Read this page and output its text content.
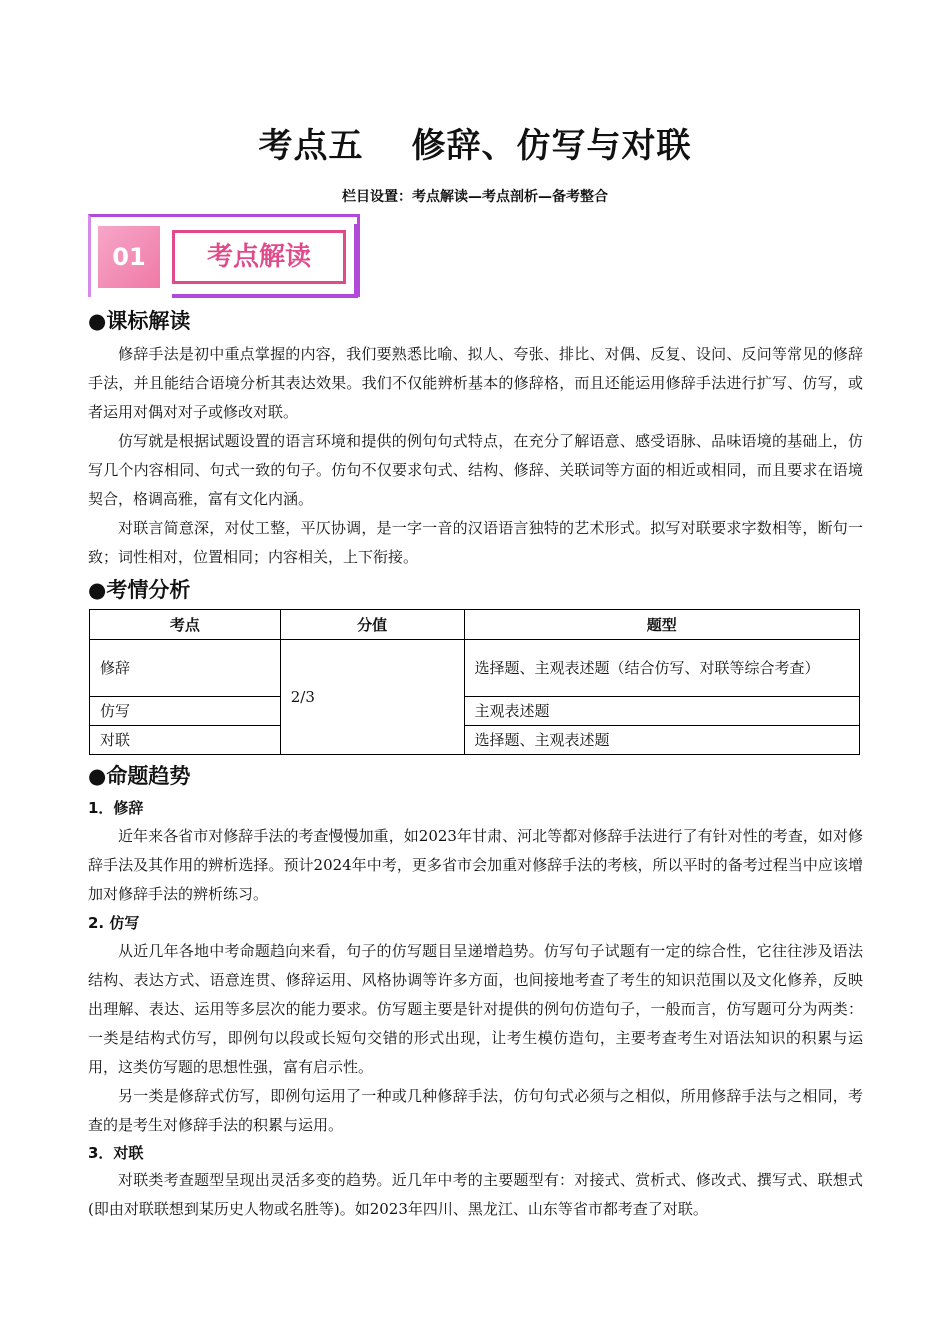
考点五 修辞、仿写与对联
栏目设置：考点解读—考点剖析—备考整合
01	考点解读
●课标解读
修辞手法是初中重点掌握的内容，我们要熟悉比喻、拟人、夸张、排比、对偶、反复、设问、反问等常见的修辞手法，并且能结合语境分析其表达效果。我们不仅能辨析基本的修辞格，而且还能运用修辞手法进行扩写、仿写，或者运用对偶对对子或修改对联。
仿写就是根据试题设置的语言环境和提供的例句句式特点，在充分了解语意、感受语脉、品味语境的基础上，仿写几个内容相同、句式一致的句子。仿句不仅要求句式、结构、修辞、关联词等方面的相近或相同，而且要求在语境契合，格调高雅，富有文化内涵。
对联言简意深，对仗工整，平仄协调，是一字一音的汉语语言独特的艺术形式。拟写对联要求字数相等，断句一致；词性相对，位置相同；内容相关，上下衔接。
●考情分析
考点	分值	题型
修辞	2/3	选择题、主观表述题（结合仿写、对联等综合考查）
仿写		主观表述题
对联		选择题、主观表述题
●命题趋势
1．修辞
近年来各省市对修辞手法的考查慢慢加重，如2023年甘肃、河北等都对修辞手法进行了有针对性的考查，如对修辞手法及其作用的辨析选择。预计2024年中考，更多省市会加重对修辞手法的考核，所以平时的备考过程当中应该增加对修辞手法的辨析练习。
2. 仿写
从近几年各地中考命题趋向来看，句子的仿写题目呈递增趋势。仿写句子试题有一定的综合性，它往往涉及语法结构、表达方式、语意连贯、修辞运用、风格协调等许多方面，也间接地考查了考生的知识范围以及文化修养，反映出理解、表达、运用等多层次的能力要求。仿写题主要是针对提供的例句仿造句子，一般而言，仿写题可分为两类：一类是结构式仿写，即例句以段或长短句交错的形式出现，让考生模仿造句，主要考查考生对语法知识的积累与运用，这类仿写题的思想性强，富有启示性。
另一类是修辞式仿写，即例句运用了一种或几种修辞手法，仿句句式必须与之相似，所用修辞手法与之相同，考查的是考生对修辞手法的积累与运用。
3．对联
对联类考查题型呈现出灵活多变的趋势。近几年中考的主要题型有：对接式、赏析式、修改式、撰写式、联想式(即由对联联想到某历史人物或名胜等)。如2023年四川、黑龙江、山东等省市都考查了对联。
